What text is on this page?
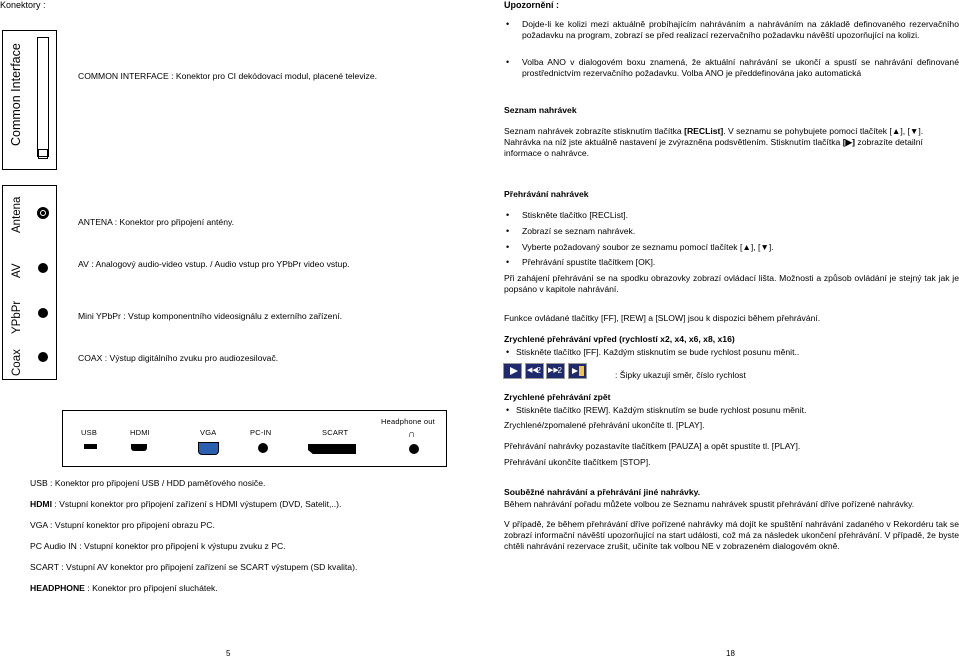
Konektory :
Common Interface	COMMON INTERFACE : Konektor pro CI dekódovací modul, placené televize.
Antena
AV
YPbPr
Coax
ANTENA : Konektor pro připojení antény.
AV : Analogový audio-video vstup. / Audio vstup pro YPbPr video vstup.
Mini YPbPr : Vstup komponentního videosignálu z externího zařízení.
COAX : Výstup digitálního zvuku pro audiozesilovač.
USB	HDMI	VGA	PC-IN	SCART
Headphone out
∩
USB : Konektor pro připojení USB / HDD paměťového nosiče.
HDMI : Vstupní konektor pro připojení zařízení s HDMI výstupem (DVD, Satelit,..).
VGA : Vstupní konektor pro připojení obrazu PC.
PC Audio IN : Vstupní konektor pro připojení k výstupu zvuku z PC.
SCART : Vstupní AV konektor pro připojení zařízení se SCART výstupem (SD kvalita).
HEADPHONE : Konektor pro připojení sluchátek.
5
Upozornění :
• Dojde-li ke kolizi mezi aktuálně probíhajícím nahráváním a nahráváním na základě definovaného rezervačního požadavku na program, zobrazí se před realizací rezervačního požadavku návěští upozorňující na kolizi.
• Volba ANO v dialogovém boxu znamená, že aktuální nahrávání se ukončí a spustí se nahrávání definované prostřednictvím rezervačního požadavku. Volba ANO je předdefinována jako automatická
Seznam nahrávek
Seznam nahrávek zobrazíte stisknutím tlačítka [RECList]. V seznamu se pohybujete pomocí tlačítek [▲], [▼]. Nahrávka na níž jste aktuálně nastavení je zvýrazněna podsvětlením. Stisknutím tlačítka [▶] zobrazíte detailní informace o nahrávce.
Přehrávání nahrávek
• Stiskněte tlačítko [RECList].
• Zobrazí se seznam nahrávek.
• Vyberte požadovaný soubor ze seznamu pomocí tlačítek [▲], [▼].
• Přehrávání spustíte tlačítkem [OK].
Při zahájení přehrávání se na spodku obrazovky zobrazí ovládací lišta. Možnosti a způsob ovládání je stejný tak jak je popsáno v kapitole nahrávání.
Funkce ovládané tlačítky [FF], [REW] a [SLOW] jsou k dispozici během přehrávání.
Zrychlené přehrávání vpřed (rychlostí x2, x4, x6, x8, x16)
• Stiskněte tlačítko [FF]. Každým stisknutím se bude rychlost posunu měnit..
◀◀
2	▶▶
2	: Šipky ukazují směr, číslo rychlost
Zrychlené přehrávání zpět
• Stiskněte tlačítko [REW]. Každým stisknutím se bude rychlost posunu měnit.
Zrychlené/zpomalené přehrávání ukončíte tl. [PLAY].
Přehrávání nahrávky pozastavíte tlačítkem [PAUZA] a opět spustíte tl. [PLAY].
Přehrávání ukončíte tlačítkem [STOP].
Souběžné nahrávání a přehrávání jiné nahrávky.
Během nahrávání pořadu můžete volbou ze Seznamu nahrávek spustit přehrávání dříve pořízené nahrávky.
V případě, že během přehrávání dříve pořízené nahrávky má dojít ke spuštění nahrávání zadaného v Rekordéru tak se zobrazí informační návěští upozorňující na start události, což má za následek ukončení přehrávání. V případě, že byste chtěli nahrávání rezervace zrušit, učiníte tak volbou NE v zobrazeném dialogovém okně.
18
